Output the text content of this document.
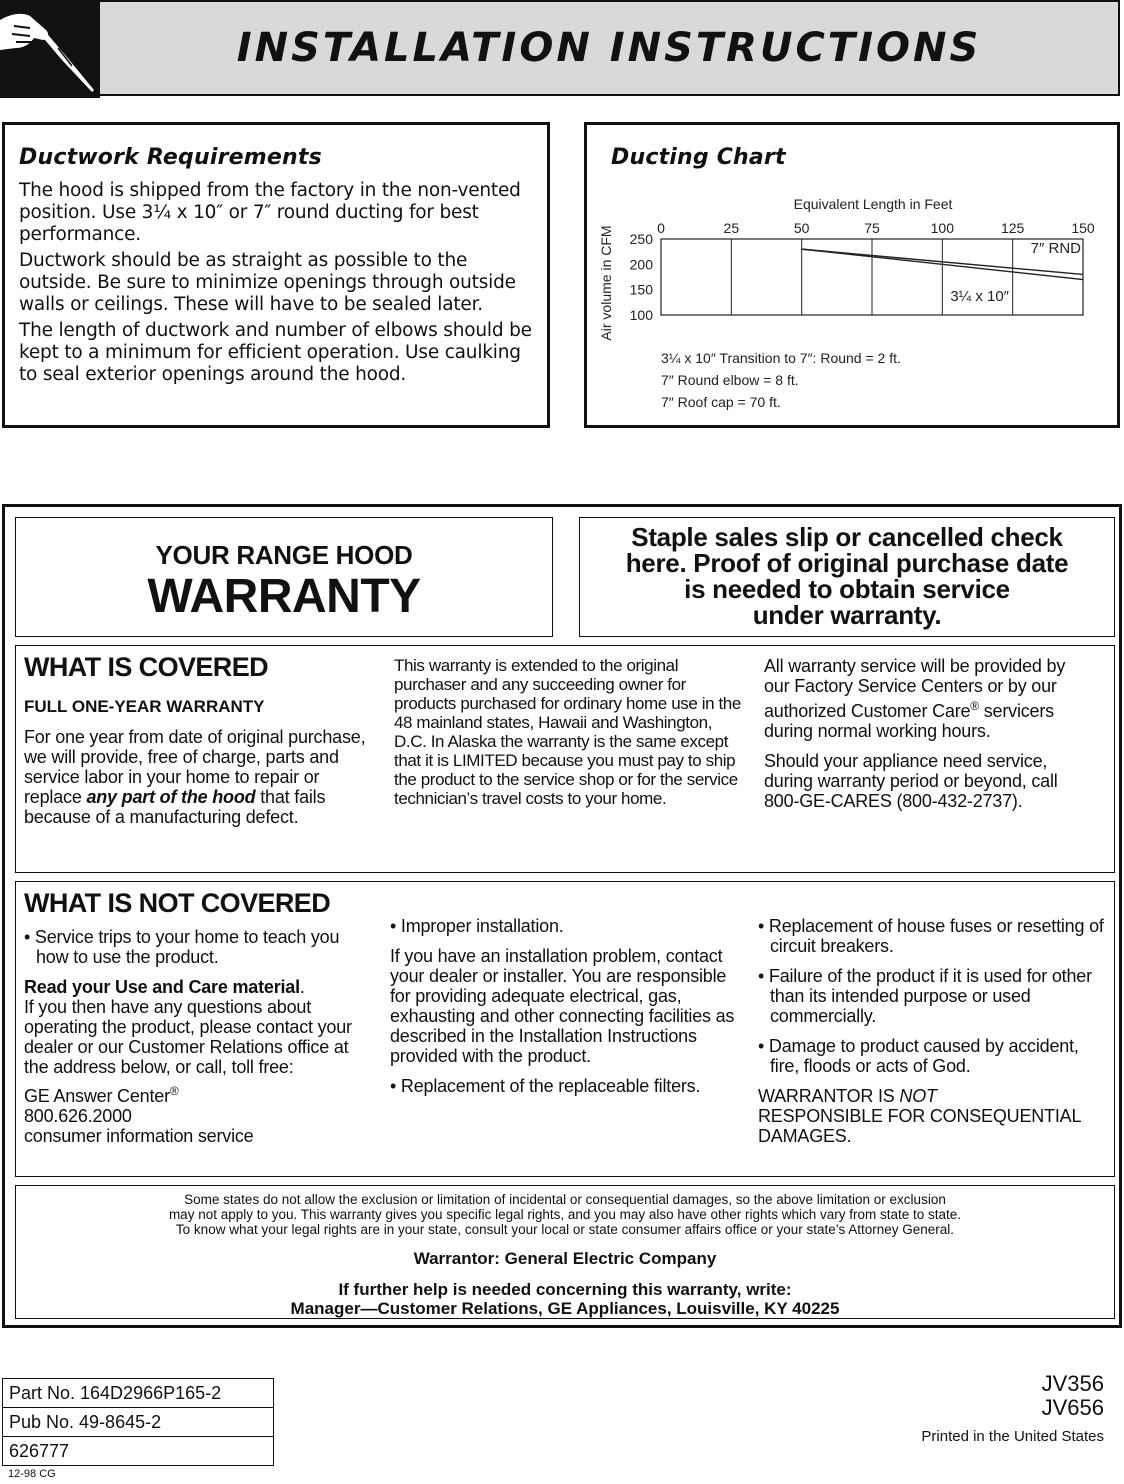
INSTALLATION INSTRUCTIONS
Ductwork Requirements

The hood is shipped from the factory in the non-vented position. Use 3¼ x 10″ or 7″ round ducting for best performance.

Ductwork should be as straight as possible to the outside. Be sure to minimize openings through outside walls or ceilings. These will have to be sealed later.

The length of ductwork and number of elbows should be kept to a minimum for efficient operation. Use caulking to seal exterior openings around the hood.

Ducting Chart
Equivalent Length in Feet
Air volume in CFM	0	25	50	75	100	125	150
250
200
150
100
7″ RND
3¼ x 10″
3¼ x 10″ Transition to 7″: Round = 2 ft.
7″ Round elbow = 8 ft.
7″ Roof cap = 70 ft.
YOUR RANGE HOOD
WARRANTY
Staple sales slip or cancelled check
here. Proof of original purchase date
is needed to obtain service
under warranty.

WHAT IS COVERED

FULL ONE-YEAR WARRANTY

For one year from date of original purchase, we will provide, free of charge, parts and service labor in your home to repair or replace any part of the hood that fails because of a manufacturing defect.

This warranty is extended to the original purchaser and any succeeding owner for products purchased for ordinary home use in the 48 mainland states, Hawaii and Washington, D.C. In Alaska the warranty is the same except that it is LIMITED because you must pay to ship the product to the service shop or for the service technician’s travel costs to your home.

All warranty service will be provided by our Factory Service Centers or by our authorized Customer Care® servicers during normal working hours.

Should your appliance need service, during warranty period or beyond, call 800-GE-CARES (800-432-2737).

WHAT IS NOT COVERED

• Service trips to your home to teach you how to use the product.

Read your Use and Care material.
If you then have any questions about operating the product, please contact your dealer or our Customer Relations office at the address below, or call, toll free:

GE Answer Center®
800.626.2000
consumer information service

• Improper installation.

If you have an installation problem, contact your dealer or installer. You are responsible for providing adequate electrical, gas, exhausting and other connecting facilities as described in the Installation Instructions provided with the product.

• Replacement of the replaceable filters.

• Replacement of house fuses or resetting of circuit breakers.

• Failure of the product if it is used for other than its intended purpose or used commercially.

• Damage to product caused by accident, fire, floods or acts of God.

WARRANTOR IS NOT
RESPONSIBLE FOR CONSEQUENTIAL DAMAGES.

Some states do not allow the exclusion or limitation of incidental or consequential damages, so the above limitation or exclusion

may not apply to you. This warranty gives you specific legal rights, and you may also have other rights which vary from state to state.

To know what your legal rights are in your state, consult your local or state consumer affairs office or your state’s Attorney General.

Warrantor: General Electric Company

If further help is needed concerning this warranty, write:

Manager—Customer Relations, GE Appliances, Louisville, KY 40225

Part No. 164D2966P165-2
Pub No. 49-8645-2
626777
JV356
JV656
Printed in the United States
12-98 CG
